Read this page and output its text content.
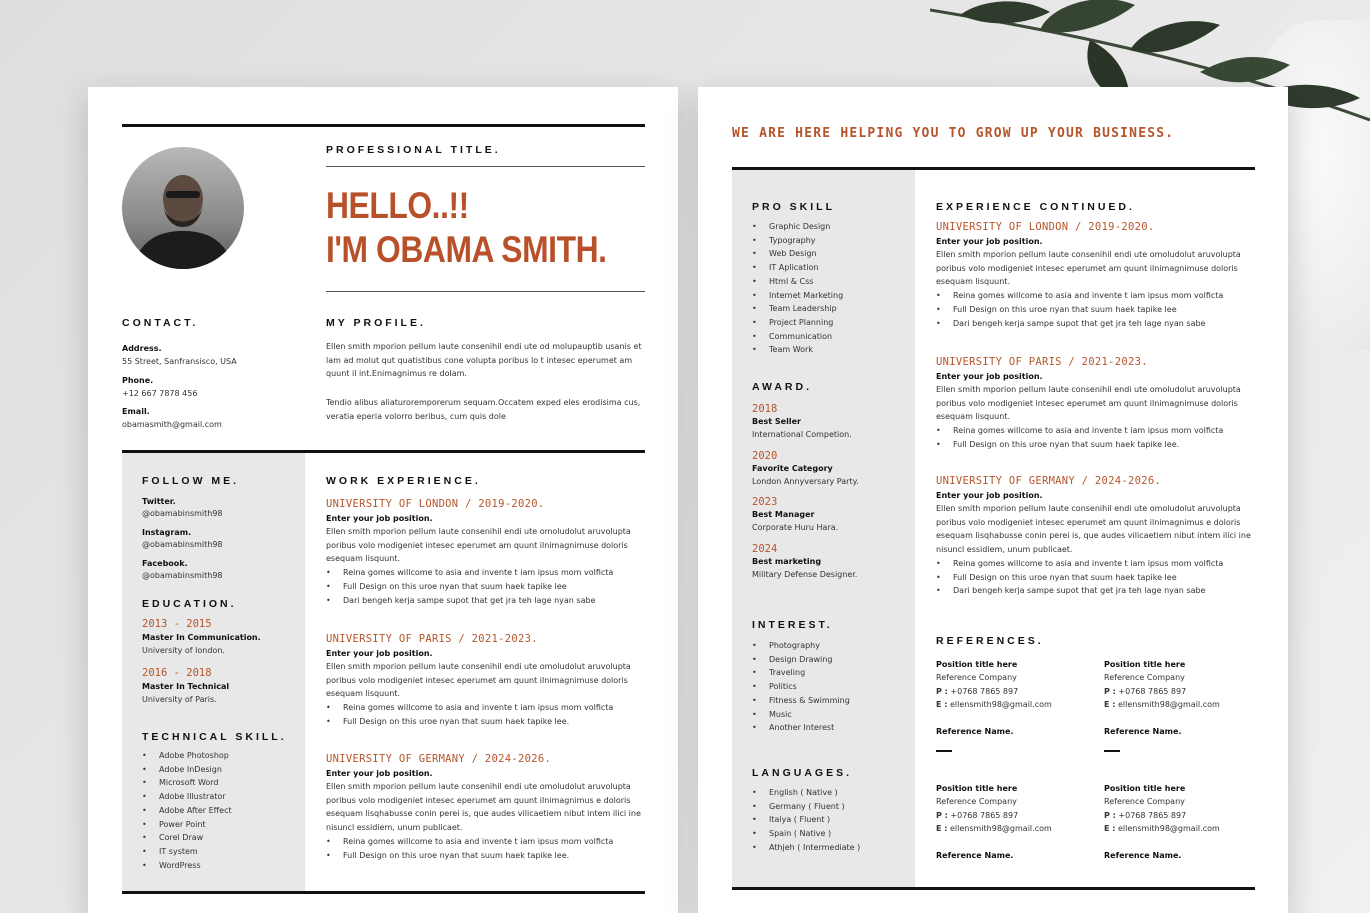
PROFESSIONAL TITLE.
HELLO..!!
I'M OBAMA SMITH.
CONTACT.
Address.
55 Street, Sanfransisco, USA
Phone.
+12 667 7878 456
Email.
obamasmith@gmail.com
MY PROFILE.
Ellen smith mporion pellum laute consenihil endi ute od molupauptib usanis et lam ad molut qut quatistibus cone volupta poribus lo t intesec eperumet am quunt il int.Enimagnimus re dolam.
Tendio alibus aliaturoremporerum sequam.Occatem exped eles erodisima cus, veratia eperia volorro beribus, cum quis dole
FOLLOW ME.
Twitter.
@obamabinsmith98
Instagram.
@obamabinsmith98
Facebook.
@obamabinsmith98
EDUCATION.
2013 - 2015
Master In Communication.
University of london.
2016 - 2018
Master In Technical
University of Paris.
TECHNICAL SKILL.
• Adobe Photoshop
• Adobe InDesign
• Microsoft Word
• Adobe Illustrator
• Adobe After Effect
• Power Point
• Corel Draw
• IT system
• WordPress
WORK EXPERIENCE.
UNIVERSITY OF LONDON / 2019-2020.
Enter your job position.
Ellen smith mporion pellum laute consenihil endi ute omoludolut aruvolupta poribus volo modigeniet intesec eperumet am quunt ilnimagnimuse doloris esequam lisquunt.
• Reina gomes willcome to asia and invente t iam ipsus mom volficta
• Full Design on this uroe nyan that suum haek tapike lee
• Dari bengeh kerja sampe supot that get jra teh lage nyan sabe
UNIVERSITY OF PARIS / 2021-2023.
Enter your job position.
Ellen smith mporion pellum laute consenihil endi ute omoludolut aruvolupta poribus volo modigeniet intesec eperumet am quunt ilnimagnimuse doloris esequam lisquunt.
• Reina gomes willcome to asia and invente t iam ipsus mom volficta
• Full Design on this uroe nyan that suum haek tapike lee.
UNIVERSITY OF GERMANY / 2024-2026.
Enter your job position.
Ellen smith mporion pellum laute consenihil endi ute omoludolut aruvolupta poribus volo modigeniet intesec eperumet am quunt ilnimagnimus e doloris esequam lisqhabusse conin perei is, que audes vilicaetiem nibut intem ilici ine nisuncl essidiem, unum publicaet.
• Reina gomes willcome to asia and invente t iam ipsus mom volficta
• Full Design on this uroe nyan that suum haek tapike lee.
WE ARE HERE HELPING YOU TO GROW UP YOUR BUSINESS.
PRO SKILL
• Graphic Design
• Typography
• Web Design
• IT Aplication
• Html & Css
• Internet Marketing
• Team Leadership
• Project Planning
• Communication
• Team Work
AWARD.
2018
Best Seller
International Competion.
2020
Favorite Category
London Annyversary Party.
2023
Best Manager
Corporate Huru Hara.
2024
Best marketing
Military Defense Designer.
INTEREST.
• Photography
• Design Drawing
• Traveling
• Politics
• Fitness & Swimming
• Music
• Another Interest
LANGUAGES.
• English ( Native )
• Germany ( Fluent )
• Italya ( Fluent )
• Spain ( Native )
• Athjeh ( Intermediate )
EXPERIENCE CONTINUED.
UNIVERSITY OF LONDON / 2019-2020.
Enter your job position.
Ellen smith mporion pellum laute consenihil endi ute omoludolut aruvolupta poribus volo modigeniet intesec eperumet am quunt ilnimagnimuse doloris esequam lisquunt.
• Reina gomes willcome to asia and invente t iam ipsus mom volficta
• Full Design on this uroe nyan that suum haek tapike lee
• Dari bengeh kerja sampe supot that get jra teh lage nyan sabe
UNIVERSITY OF PARIS / 2021-2023.
Enter your job position.
Ellen smith mporion pellum laute consenihil endi ute omoludolut aruvolupta poribus volo modigeniet intesec eperumet am quunt ilnimagnimuse doloris esequam lisquunt.
• Reina gomes willcome to asia and invente t iam ipsus mom volficta
• Full Design on this uroe nyan that suum haek tapike lee.
UNIVERSITY OF GERMANY / 2024-2026.
Enter your job position.
Ellen smith mporion pellum laute consenihil endi ute omoludolut aruvolupta poribus volo modigeniet intesec eperumet am quunt ilnimagnimus e doloris esequam lisqhabusse conin perei is, que audes vilicaetiem nibut intem ilici ine nisuncl essidiem, unum publicaet.
• Reina gomes willcome to asia and invente t iam ipsus mom volficta
• Full Design on this uroe nyan that suum haek tapike lee
• Dari bengeh kerja sampe supot that get jra teh lage nyan sabe
REFERENCES.
Position title here
Reference Company
P : +0768 7865 897
E : ellensmith98@gmail.com
Reference Name.
Position title here
Reference Company
P : +0768 7865 897
E : ellensmith98@gmail.com
Reference Name.
Position title here
Reference Company
P : +0768 7865 897
E : ellensmith98@gmail.com
Reference Name.
Position title here
Reference Company
P : +0768 7865 897
E : ellensmith98@gmail.com
Reference Name.
